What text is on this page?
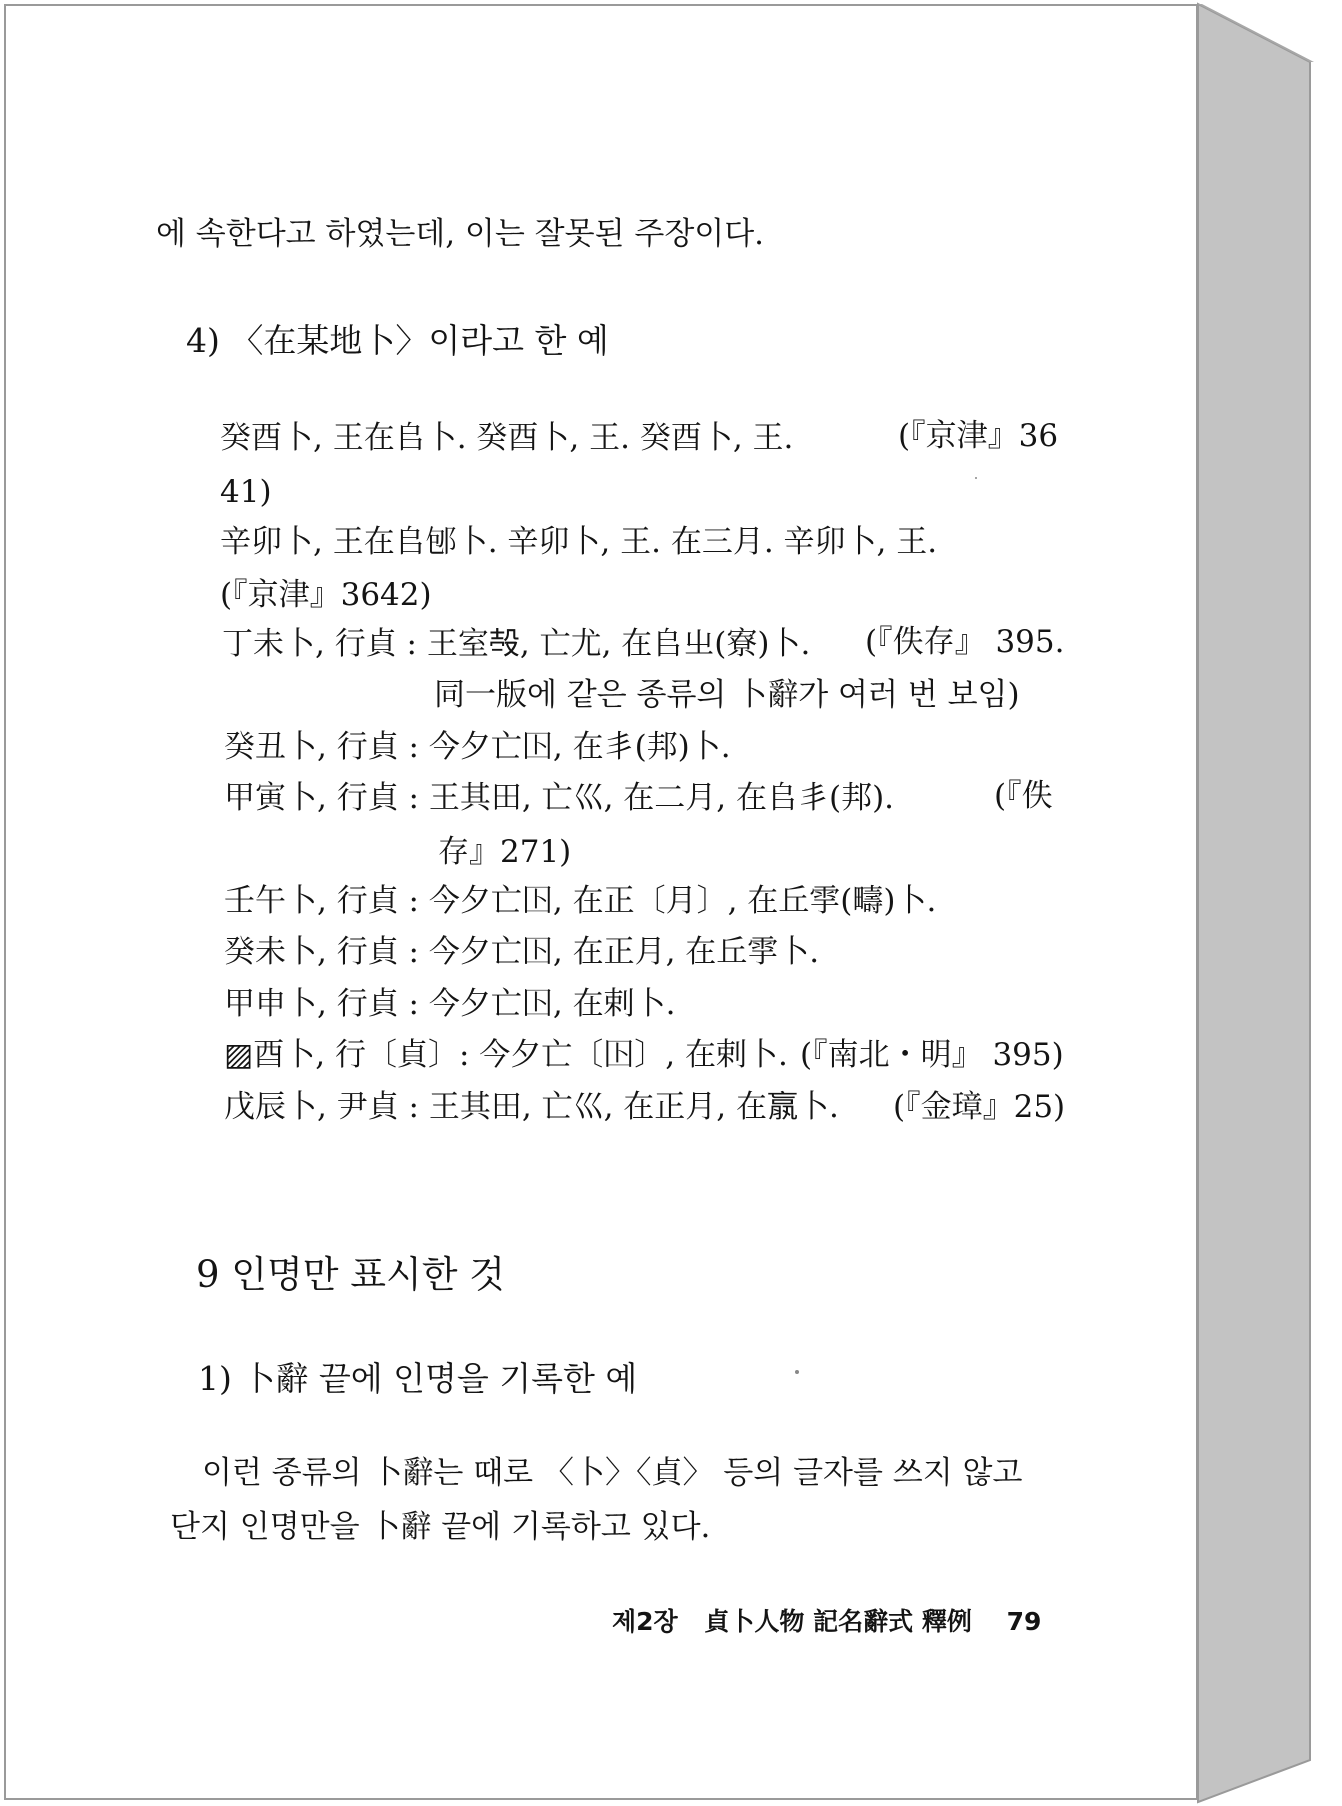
에 속한다고 하였는데, 이는 잘못된 주장이다.
4) 〈在某地卜〉이라고 한 예
癸酉卜, 王在𠂤卜. 癸酉卜, 王. 癸酉卜, 王.	(『京津』36
41)
辛卯卜, 王在𠂤𨚔卜. 辛卯卜, 王. 在三月. 辛卯卜, 王.
(『京津』3642)
丁未卜, 行貞 : 王室𣪊, 亡尤, 在𠂤㞢(寮)卜. (『佚存』 395.
同一版에 같은 종류의 卜辭가 여러 번 보임)
癸丑卜, 行貞 : 今夕亡𡆥, 在丯(邦)卜.
甲寅卜, 行貞 : 王其田, 亡巛, 在二月, 在𠂤丯(邦).	(『佚
存』271)
壬午卜, 行貞 : 今夕亡𡆥, 在正〔月〕, 在丘𩁹(疇)卜.
癸未卜, 行貞 : 今夕亡𡆥, 在正月, 在丘𩁹卜.
甲申卜, 行貞 : 今夕亡𡆥, 在剌卜.
▨酉卜, 行〔貞〕: 今夕亡〔𡆥〕, 在剌卜. (『南北・明』 395)
戊辰卜, 尹貞 : 王其田, 亡巛, 在正月, 在𣎆卜. (『金璋』25)
9 인명만 표시한 것
1) 卜辭 끝에 인명을 기록한 예
이런 종류의 卜辭는 때로 〈卜〉〈貞〉 등의 글자를 쓰지 않고
단지 인명만을 卜辭 끝에 기록하고 있다.
제2장 貞卜人物 記名辭式 釋例 79
